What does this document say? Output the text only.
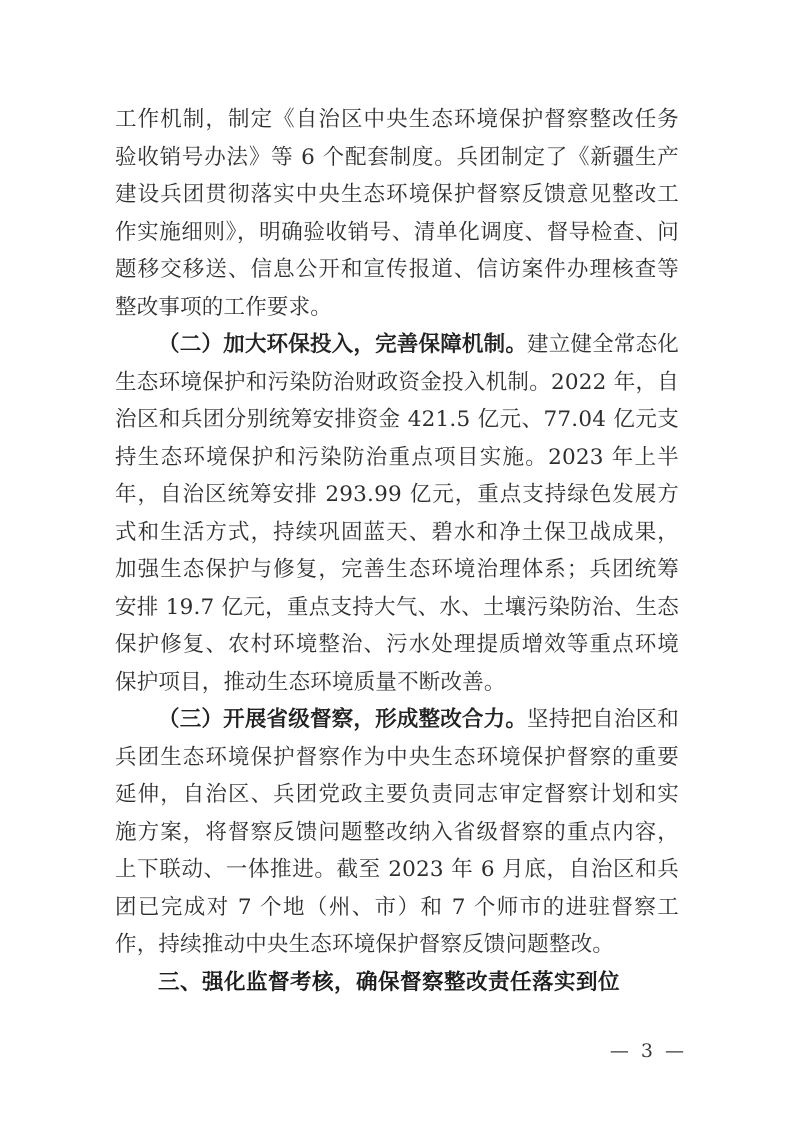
工作机制，制定《自治区中央生态环境保护督察整改任务验收销号办法》等 6 个配套制度。兵团制定了《新疆生产建设兵团贯彻落实中央生态环境保护督察反馈意见整改工作实施细则》，明确验收销号、清单化调度、督导检查、问题移交移送、信息公开和宣传报道、信访案件办理核查等整改事项的工作要求。

（二）加大环保投入，完善保障机制。建立健全常态化生态环境保护和污染防治财政资金投入机制。2022 年，自治区和兵团分别统筹安排资金 421.5 亿元、77.04 亿元支持生态环境保护和污染防治重点项目实施。2023 年上半年，自治区统筹安排 293.99 亿元，重点支持绿色发展方式和生活方式，持续巩固蓝天、碧水和净土保卫战成果，加强生态保护与修复，完善生态环境治理体系；兵团统筹安排 19.7 亿元，重点支持大气、水、土壤污染防治、生态保护修复、农村环境整治、污水处理提质增效等重点环境保护项目，推动生态环境质量不断改善。

（三）开展省级督察，形成整改合力。坚持把自治区和兵团生态环境保护督察作为中央生态环境保护督察的重要延伸，自治区、兵团党政主要负责同志审定督察计划和实施方案，将督察反馈问题整改纳入省级督察的重点内容，上下联动、一体推进。截至 2023 年 6 月底，自治区和兵团已完成对 7 个地（州、市）和 7 个师市的进驻督察工作，持续推动中央生态环境保护督察反馈问题整改。

三、强化监督考核，确保督察整改责任落实到位
— 3 —
